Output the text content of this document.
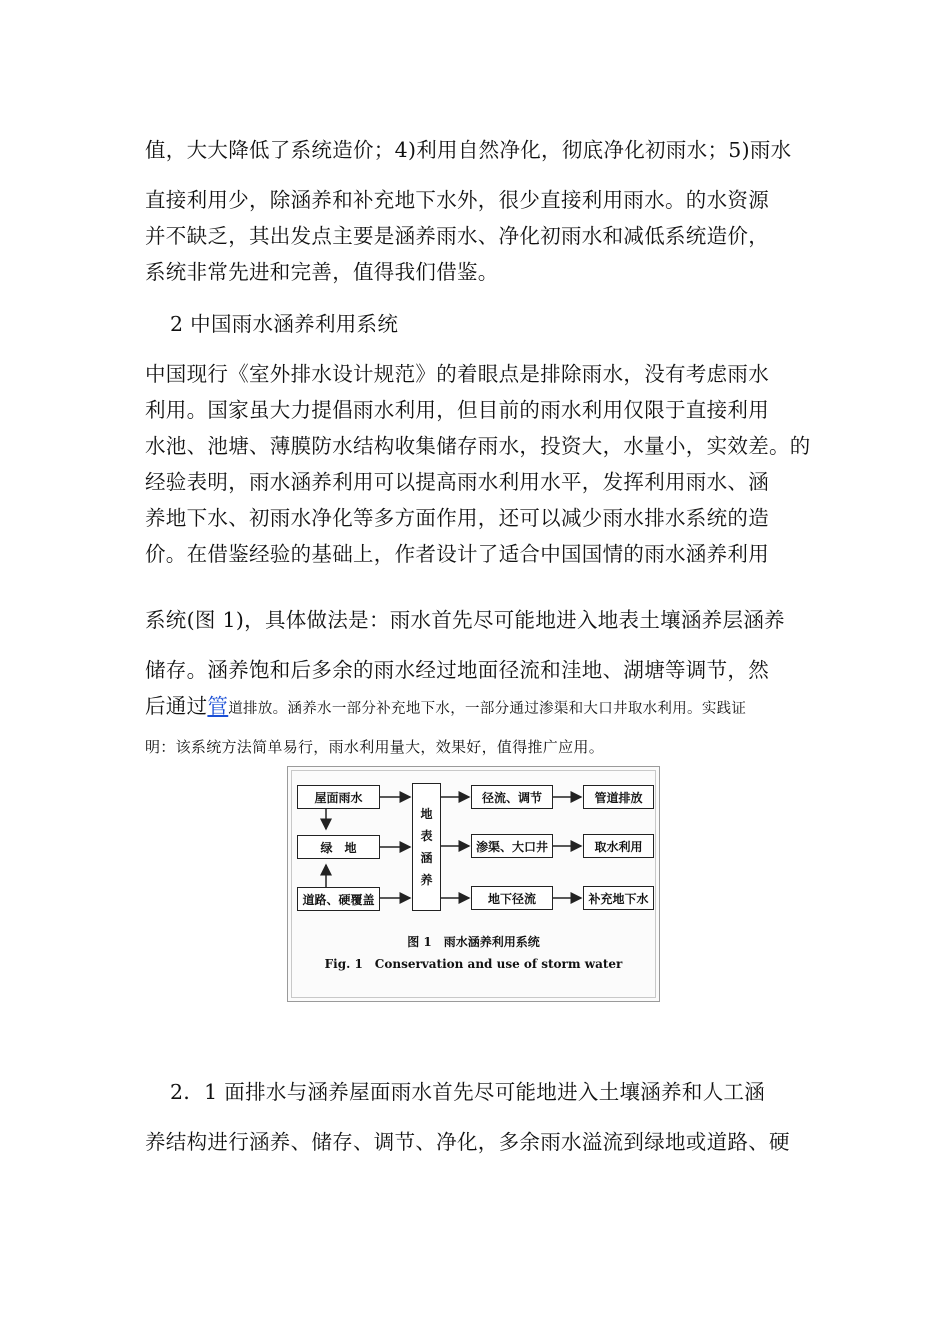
值，大大降低了系统造价；4)利用自然净化，彻底净化初雨水；5)雨水
直接利用少，除涵养和补充地下水外，很少直接利用雨水。的水资源
并不缺乏，其出发点主要是涵养雨水、净化初雨水和减低系统造价，
系统非常先进和完善，值得我们借鉴。
2 中国雨水涵养利用系统
中国现行《室外排水设计规范》的着眼点是排除雨水，没有考虑雨水
利用。国家虽大力提倡雨水利用，但目前的雨水利用仅限于直接利用
水池、池塘、薄膜防水结构收集储存雨水，投资大，水量小，实效差。的
经验表明，雨水涵养利用可以提高雨水利用水平，发挥利用雨水、涵
养地下水、初雨水净化等多方面作用，还可以减少雨水排水系统的造
价。在借鉴经验的基础上，作者设计了适合中国国情的雨水涵养利用
系统(图 1)，具体做法是：雨水首先尽可能地进入地表土壤涵养层涵养
储存。涵养饱和后多余的雨水经过地面径流和洼地、湖塘等调节，然
后通过管道排放。涵养水一部分补充地下水，一部分通过渗渠和大口井取水利用。实践证
明：该系统方法简单易行，雨水利用量大，效果好，值得推广应用。
屋面雨水
绿　地
道路、硬覆盖
地
表
涵
养
径流、调节
渗渠、大口井
地下径流
管道排放
取水利用
补充地下水
图 1　雨水涵养利用系统
Fig. 1　Conservation and use of storm water
2．1 面排水与涵养屋面雨水首先尽可能地进入土壤涵养和人工涵
养结构进行涵养、储存、调节、净化，多余雨水溢流到绿地或道路、硬
